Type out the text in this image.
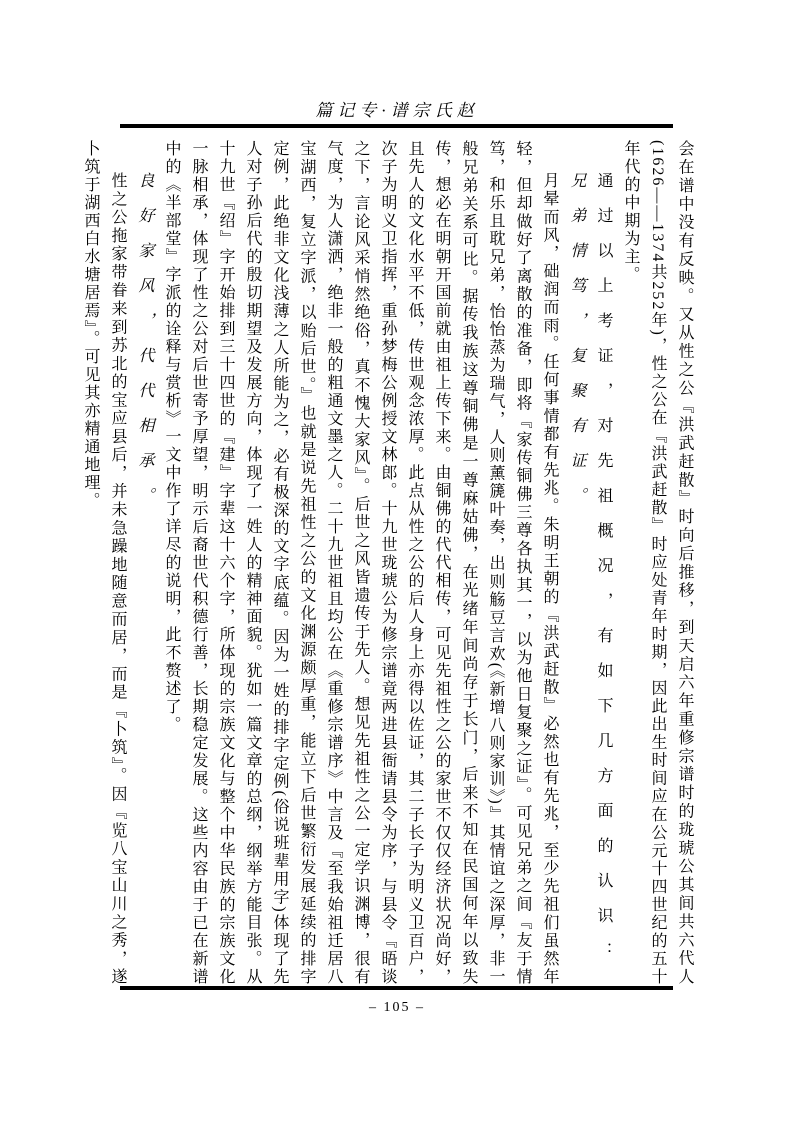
篇记专·谱宗氏赵

会在谱中没有反映。又从性之公『洪武赶散』时向后推移，到天启六年重修宗谱时的珑琥公其间共六代人(1626——1374共252年)，性之公在『洪武赶散』时应处青年时期，因此出生时间应在公元十四世纪的五十年代的中期为主。

通过以上考证，对先祖概况，有如下几方面的认识：

兄弟情笃，复聚有证。

月晕而风，础润而雨。任何事情都有先兆。朱明王朝的『洪武赶散』必然也有先兆，至少先祖们虽然年轻，但却做好了离散的准备，即将『家传铜佛三尊各执其一，以为他日复聚之证』。可见兄弟之间『友于情笃，和乐且耽兄弟，怡怡蒸为瑞气，人则薰篪叶奏，出则觞豆言欢(《新增八则家训》)』其情谊之深厚，非一般兄弟关系可比。据传我族这尊铜佛是一尊麻姑佛，在光绪年间尚存于长门，后来不知在民国何年以致失传，想必在明朝开国前就由祖上传下来。由铜佛的代代相传，可见先祖性之公的家世不仅仅经济状况尚好，且先人的文化水平不低，传世观念浓厚。此点从性之公的后人身上亦得以佐证，其二子长子为明义卫百户，次子为明义卫指挥，重孙梦梅公例授文林郎。十九世珑琥公为修宗谱竟两进县衙请县令为序，与县令『晤谈之下，言论风采悄然绝俗，真不愧大家风』。后世之风皆遗传于先人。想见先祖性之公一定学识渊博，很有气度，为人潇洒，绝非一般的粗通文墨之人。二十九世祖且均公在《重修宗谱序》中言及『至我始祖迁居八宝湖西，复立字派，以贻后世。』也就是说先祖性之公的文化渊源颇厚重，能立下后世繁衍发展延续的排字定例，此绝非文化浅薄之人所能为之，必有极深的文字底蕴。因为一姓的排字定例(俗说班辈用字)体现了先人对子孙后代的殷切期望及发展方向，体现了一姓人的精神面貌。犹如一篇文章的总纲，纲举方能目张。从十九世『绍』字开始排到三十四世的『建』字辈这十六个字，所体现的宗族文化与整个中华民族的宗族文化一脉相承，体现了性之公对后世寄予厚望，明示后裔世代积德行善，长期稳定发展。这些内容由于已在新谱中的《半部堂』字派的诠释与赏析》一文中作了详尽的说明，此不赘述了。

良好家风，代代相承。

性之公拖家带眷来到苏北的宝应县后，并未急躁地随意而居，而是『卜筑』。因『览八宝山川之秀，遂卜筑于湖西白水塘居焉』。可见其亦精通地理。

– 105 –
